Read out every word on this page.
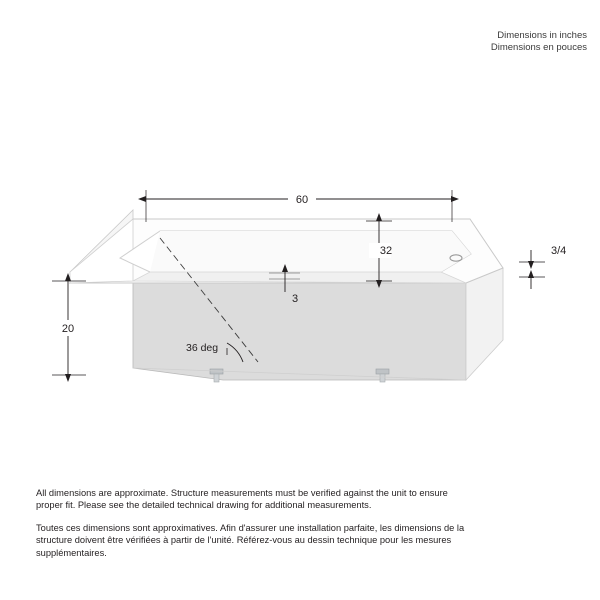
Dimensions in inches
Dimensions en pouces
60
32	3/4
3
20
36 deg

All dimensions are approximate. Structure measurements must be verified against the unit to ensure proper fit. Please see the detailed technical drawing for additional measurements.

Toutes ces dimensions sont approximatives. Afin d'assurer une installation parfaite, les dimensions de la structure doivent être vérifiées à partir de l'unité. Référez-vous au dessin technique pour les mesures supplémentaires.
